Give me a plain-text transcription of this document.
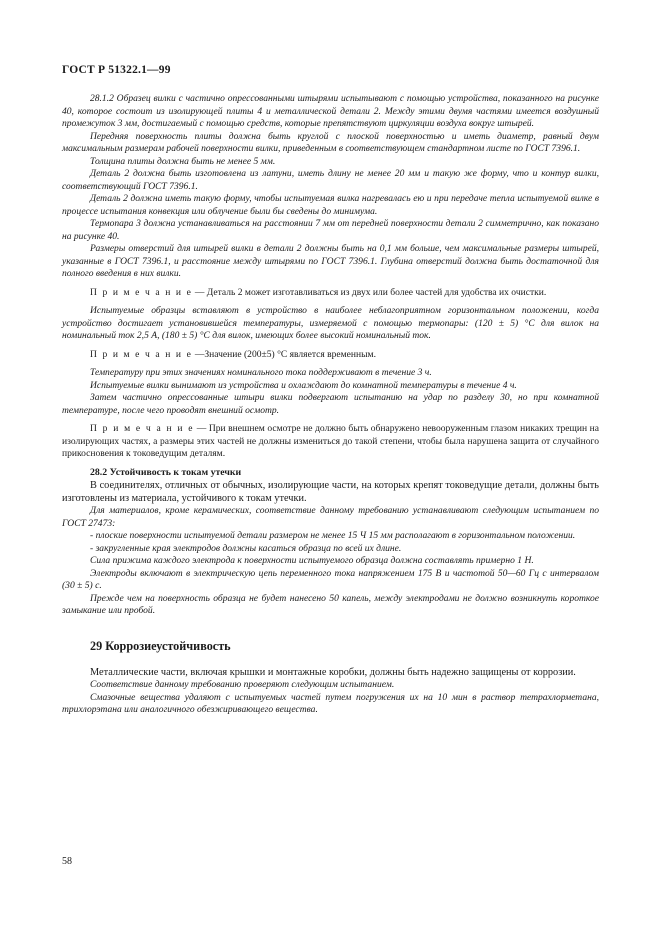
ГОСТ Р 51322.1—99

28.1.2 Образец вилки с частично опрессованными штырями испытывают с помощью устройства, показанного на рисунке 40, которое состоит из изолирующей плиты 4 и металлической детали 2. Между этими двумя частями имеется воздушный промежуток 3 мм, достигаемый с помощью средств, которые препятствуют циркуляции воздуха вокруг штырей.

Передняя поверхность плиты должна быть круглой с плоской поверхностью и иметь диаметр, равный двум максимальным размерам рабочей поверхности вилки, приведенным в соответствующем стандартном листе по ГОСТ 7396.1.

Толщина плиты должна быть не менее 5 мм.

Деталь 2 должна быть изготовлена из латуни, иметь длину не менее 20 мм и такую же форму, что и контур вилки, соответствующий ГОСТ 7396.1.

Деталь 2 должна иметь такую форму, чтобы испытуемая вилка нагревалась ею и при передаче тепла испытуемой вилке в процессе испытания конвекция или облучение были бы сведены до минимума.

Термопара 3 должна устанавливаться на расстоянии 7 мм от передней поверхности детали 2 симметрично, как показано на рисунке 40.

Размеры отверстий для штырей вилки в детали 2 должны быть на 0,1 мм больше, чем максимальные размеры штырей, указанные в ГОСТ 7396.1, и расстояние между штырями по ГОСТ 7396.1. Глубина отверстий должна быть достаточной для полного введения в них вилки.

П р и м е ч а н и е — Деталь 2 может изготавливаться из двух или более частей для удобства их очистки.

Испытуемые образцы вставляют в устройство в наиболее неблагоприятном горизонтальном положении, когда устройство достигает установившейся температуры, измеряемой с помощью термопары: (120 ± 5) °С для вилок на номинальный ток 2,5 А, (180 ± 5) °С для вилок, имеющих более высокий номинальный ток.

П р и м е ч а н и е —Значение (200±5) °С является временным.

Температуру при этих значениях номинального тока поддерживают в течение 3 ч.

Испытуемые вилки вынимают из устройства и охлаждают до комнатной температуры в течение 4 ч.

Затем частично опрессованные штыри вилки подвергают испытанию на удар по разделу 30, но при комнатной температуре, после чего проводят внешний осмотр.

П р и м е ч а н и е — При внешнем осмотре не должно быть обнаружено невооруженным глазом никаких трещин на изолирующих частях, а размеры этих частей не должны измениться до такой степени, чтобы была нарушена защита от случайного прикосновения к токоведущим деталям.

28.2 Устойчивость к токам утечки

В соединителях, отличных от обычных, изолирующие части, на которых крепят токоведущие детали, должны быть изготовлены из материала, устойчивого к токам утечки.

Для материалов, кроме керамических, соответствие данному требованию устанавливают следующим испытанием по ГОСТ 27473:

- плоские поверхности испытуемой детали размером не менее 15 Ч 15 мм располагают в горизонтальном положении.

- закругленные края электродов должны касаться образца по всей их длине.

Сила прижима каждого электрода к поверхности испытуемого образца должна составлять примерно 1 Н.

Электроды включают в электрическую цепь переменного тока напряжением 175 В и частотой 50—60 Гц с интервалом (30 ± 5) с.

Прежде чем на поверхность образца не будет нанесено 50 капель, между электродами не должно возникнуть короткое замыкание или пробой.

29 Коррозиеустойчивость

Металлические части, включая крышки и монтажные коробки, должны быть надежно защищены от коррозии.

Соответствие данному требованию проверяют следующим испытанием.

Смазочные вещества удаляют с испытуемых частей путем погружения их на 10 мин в раствор тетрахлорметана, трихлорэтана или аналогичного обезжиривающего вещества.

58
